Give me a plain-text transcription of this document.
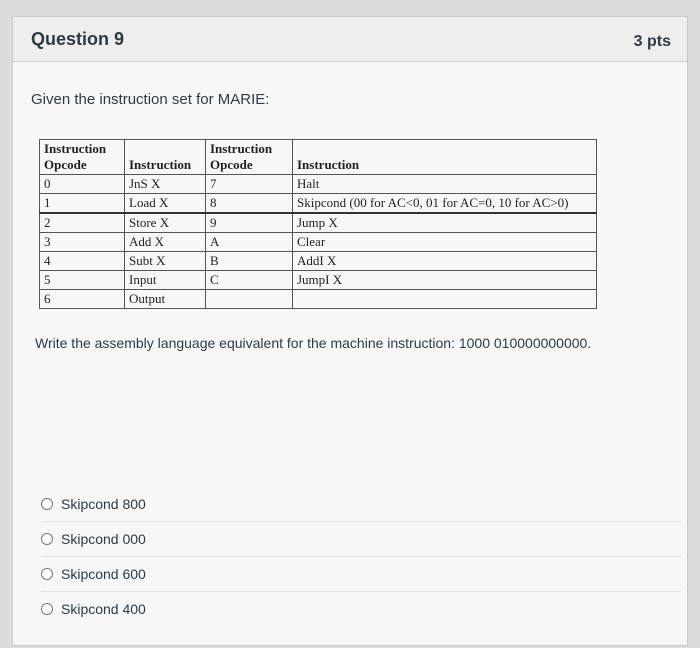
Question 9	3 pts
Given the instruction set for MARIE:
Instruction Opcode	Instruction	Instruction Opcode	Instruction
0	JnS X	7	Halt
1	Load X	8	Skipcond (00 for AC<0, 01 for AC=0, 10 for AC>0)
2	Store X	9	Jump X
3	Add X	A	Clear
4	Subt X	B	AddI X
5	Input	C	JumpI X
6	Output		
Write the assembly language equivalent for the machine instruction: 1000 010000000000.
Skipcond 800
Skipcond 000
Skipcond 600
Skipcond 400
